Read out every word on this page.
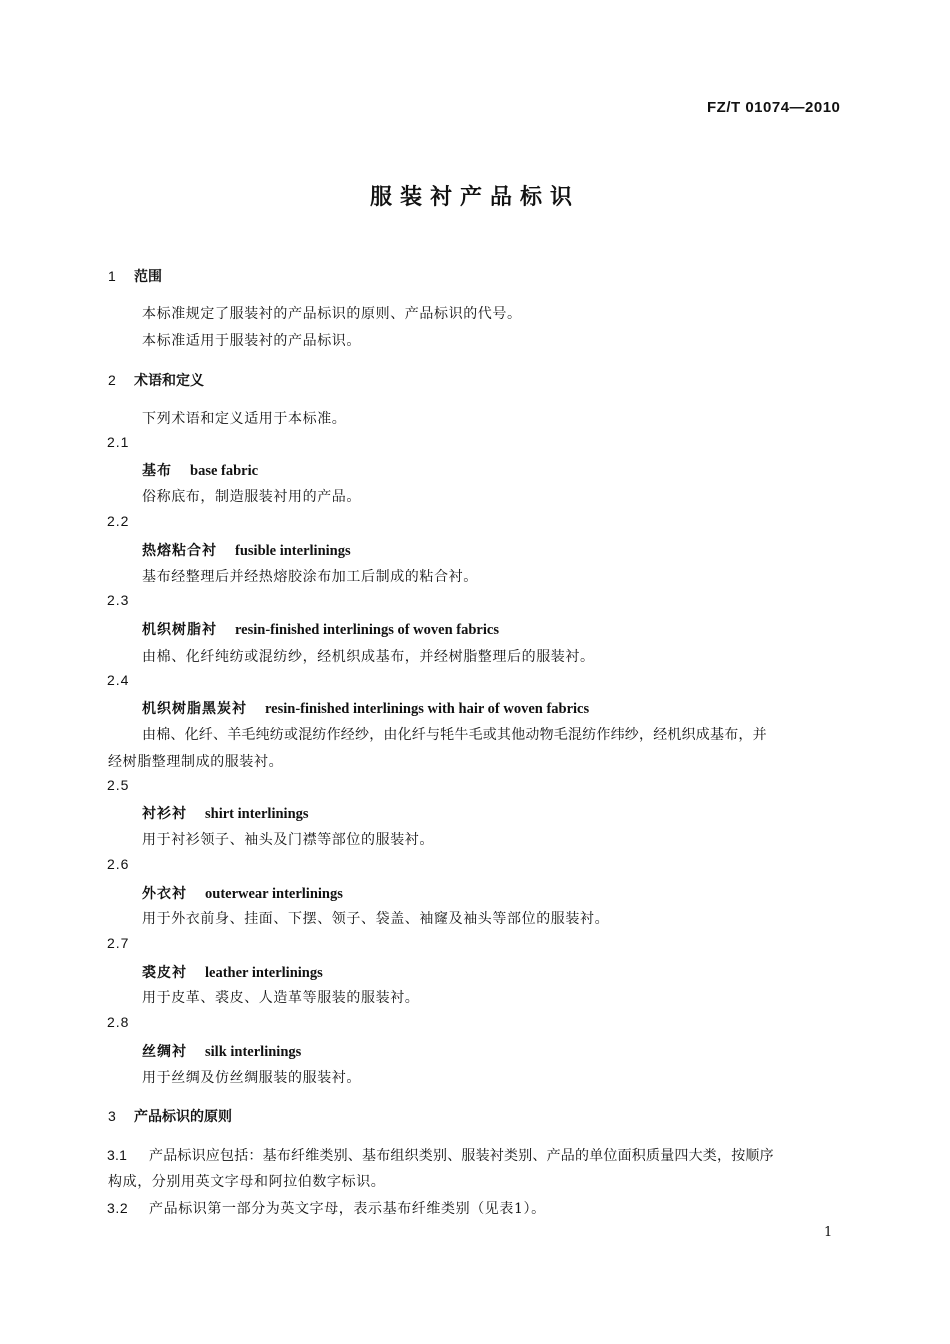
FZ/T 01074—2010
服装衬产品标识
1 范围
本标准规定了服装衬的产品标识的原则、产品标识的代号。
本标准适用于服装衬的产品标识。
2 术语和定义
下列术语和定义适用于本标准。
2.1
基布 base fabric
俗称底布，制造服装衬用的产品。
2.2
热熔粘合衬 fusible interlinings
基布经整理后并经热熔胶涂布加工后制成的粘合衬。
2.3
机织树脂衬 resin-finished interlinings of woven fabrics
由棉、化纤纯纺或混纺纱，经机织成基布，并经树脂整理后的服装衬。
2.4
机织树脂黑炭衬 resin-finished interlinings with hair of woven fabrics
由棉、化纤、羊毛纯纺或混纺作经纱，由化纤与牦牛毛或其他动物毛混纺作纬纱，经机织成基布，并
经树脂整理制成的服装衬。
2.5
衬衫衬 shirt interlinings
用于衬衫领子、袖头及门襟等部位的服装衬。
2.6
外衣衬 outerwear interlinings
用于外衣前身、挂面、下摆、领子、袋盖、袖窿及袖头等部位的服装衬。
2.7
裘皮衬 leather interlinings
用于皮革、裘皮、人造革等服装的服装衬。
2.8
丝绸衬 silk interlinings
用于丝绸及仿丝绸服装的服装衬。
3 产品标识的原则
3.1 产品标识应包括：基布纤维类别、基布组织类别、服装衬类别、产品的单位面积质量四大类，按顺序
构成，分别用英文字母和阿拉伯数字标识。
3.2 产品标识第一部分为英文字母，表示基布纤维类别（见表1）。
1
